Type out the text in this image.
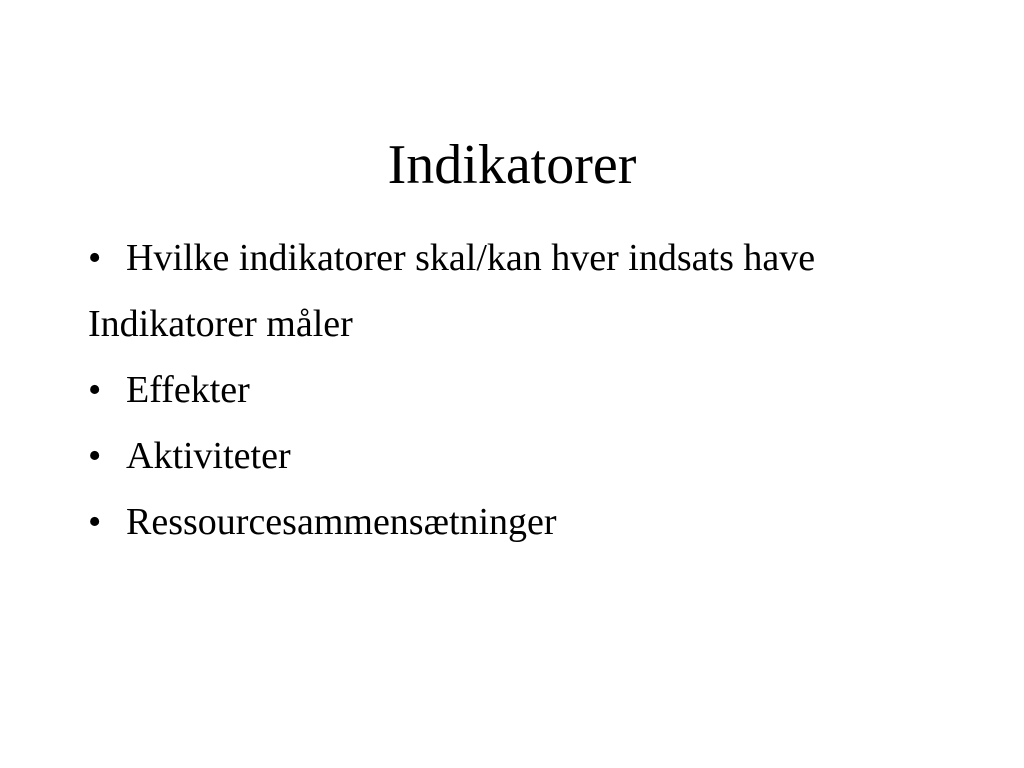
Indikatorer
• Hvilke indikatorer skal/kan hver indsats have
Indikatorer måler
• Effekter
• Aktiviteter
• Ressourcesammensætninger
